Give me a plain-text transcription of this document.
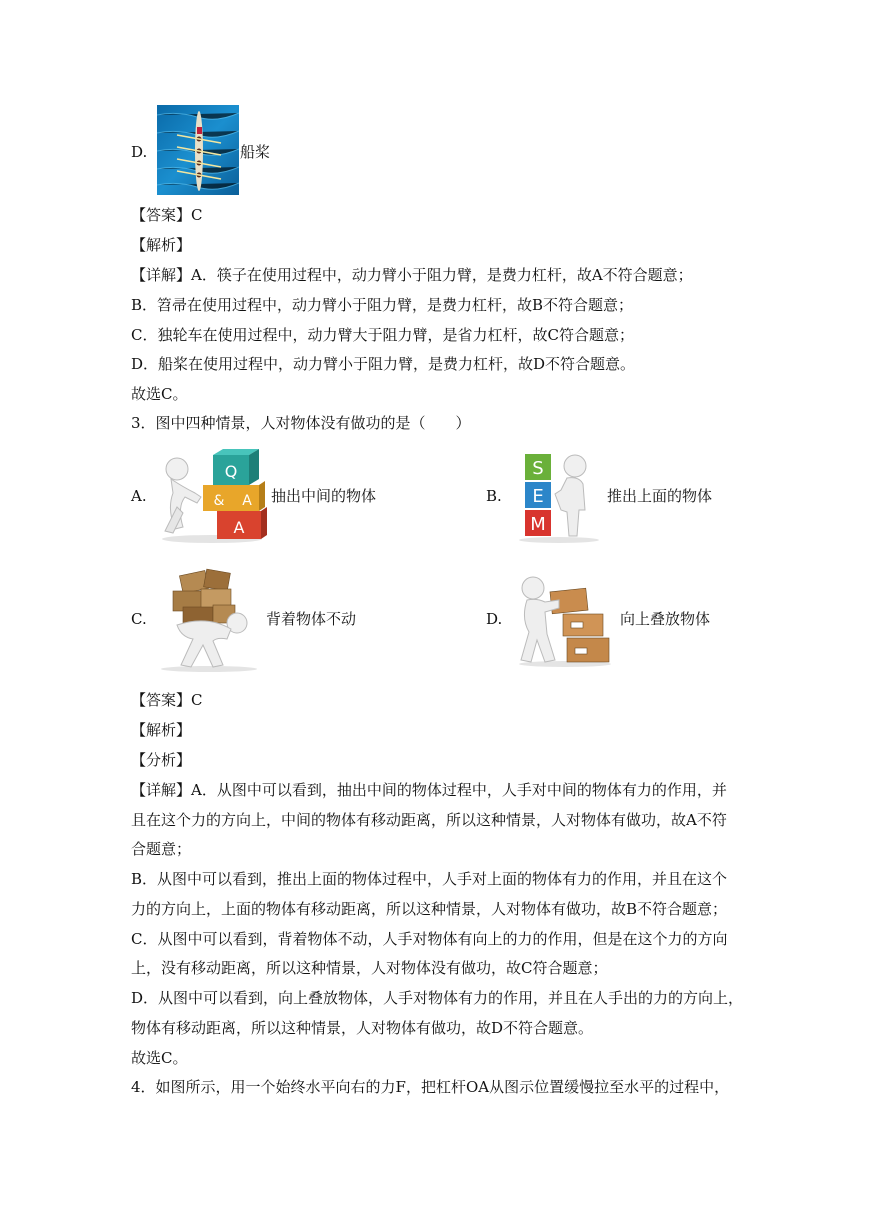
D.	船桨
【答案】C
【解析】
【详解】A．筷子在使用过程中，动力臂小于阻力臂，是费力杠杆，故A不符合题意；
B．笤帚在使用过程中，动力臂小于阻力臂，是费力杠杆，故B不符合题意；
C．独轮车在使用过程中，动力臂大于阻力臂，是省力杠杆，故C符合题意；
D．船桨在使用过程中，动力臂小于阻力臂，是费力杠杆，故D不符合题意。
故选C。
3．图中四种情景，人对物体没有做功的是（　　）
A.
Q
& A
A
抽出中间的物体	B.
S
E
M
推出上面的物体
C.	背着物体不动	D.	向上叠放物体
【答案】C
【解析】
【分析】
【详解】A．从图中可以看到，抽出中间的物体过程中，人手对中间的物体有力的作用，并
且在这个力的方向上，中间的物体有移动距离，所以这种情景，人对物体有做功，故A不符
合题意；
B．从图中可以看到，推出上面的物体过程中，人手对上面的物体有力的作用，并且在这个
力的方向上，上面的物体有移动距离，所以这种情景，人对物体有做功，故B不符合题意；
C．从图中可以看到，背着物体不动，人手对物体有向上的力的作用，但是在这个力的方向
上，没有移动距离，所以这种情景，人对物体没有做功，故C符合题意；
D．从图中可以看到，向上叠放物体，人手对物体有力的作用，并且在人手出的力的方向上，
物体有移动距离，所以这种情景，人对物体有做功，故D不符合题意。
故选C。
4．如图所示，用一个始终水平向右的力F，把杠杆OA从图示位置缓慢拉至水平的过程中，
